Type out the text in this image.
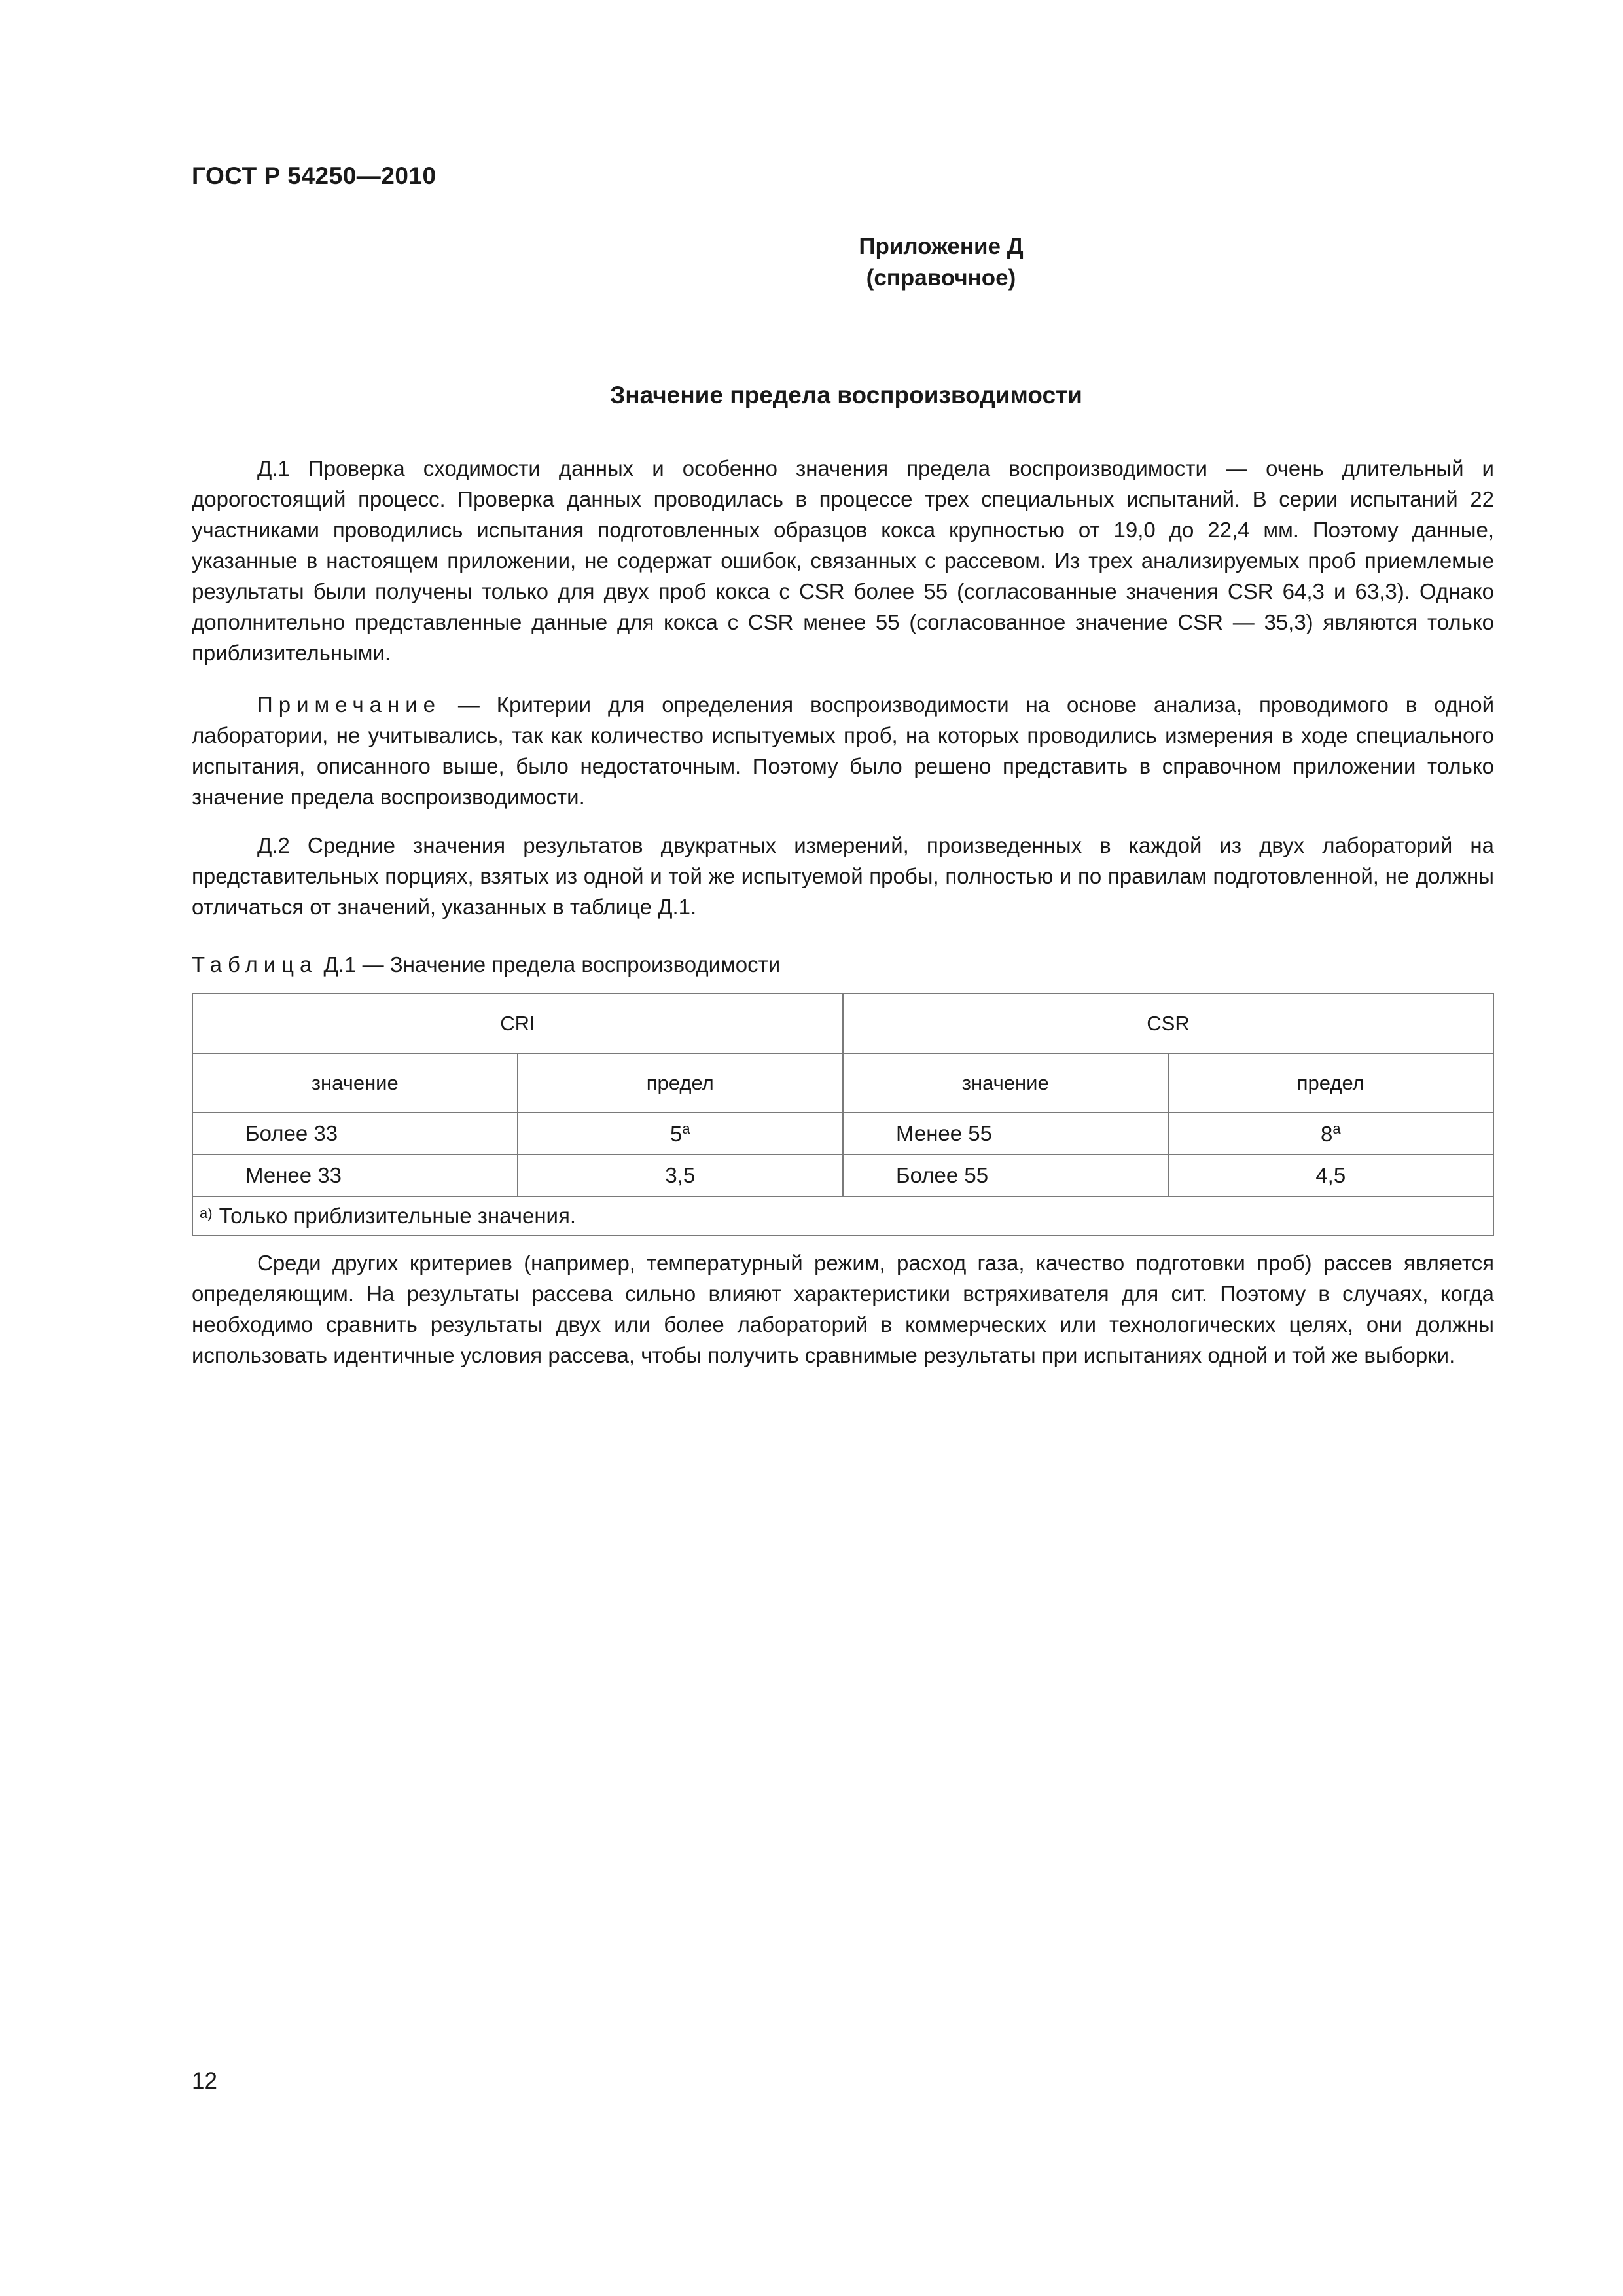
ГОСТ Р 54250—2010
Приложение Д
(справочное)
Значение предела воспроизводимости

Д.1 Проверка сходимости данных и особенно значения предела воспроизводимости — очень длительный и дорогостоящий процесс. Проверка данных проводилась в процессе трех специальных испытаний. В серии испытаний 22 участниками проводились испытания подготовленных образцов кокса крупностью от 19,0 до 22,4 мм. Поэтому данные, указанные в настоящем приложении, не содержат ошибок, связанных с рассевом. Из трех анализируемых проб приемлемые результаты были получены только для двух проб кокса с CSR более 55 (согласованные значения CSR 64,3 и 63,3). Однако дополнительно представленные данные для кокса с CSR менее 55 (согласованное значение CSR — 35,3) являются только приблизительными.

Примечание — Критерии для определения воспроизводимости на основе анализа, проводимого в одной лаборатории, не учитывались, так как количество испытуемых проб, на которых проводились измерения в ходе специального испытания, описанного выше, было недостаточным. Поэтому было решено представить в справочном приложении только значение предела воспроизводимости.

Д.2 Средние значения результатов двукратных измерений, произведенных в каждой из двух лабораторий на представительных порциях, взятых из одной и той же испытуемой пробы, полностью и по правилам подготовленной, не должны отличаться от значений, указанных в таблице Д.1.

Таблица Д.1 — Значение предела воспроизводимости

CRI		CSR	
значение	предел	значение	предел
Более 33	5$^a$	Менее 55	8$^a$
Менее 33	3,5	Более 55	4,5
$^{a)}$ Только приблизительные значения.			

Среди других критериев (например, температурный режим, расход газа, качество подготовки проб) рассев является определяющим. На результаты рассева сильно влияют характеристики встряхивателя для сит. Поэтому в случаях, когда необходимо сравнить результаты двух или более лабораторий в коммерческих или технологических целях, они должны использовать идентичные условия рассева, чтобы получить сравнимые результаты при испытаниях одной и той же выборки.

12
